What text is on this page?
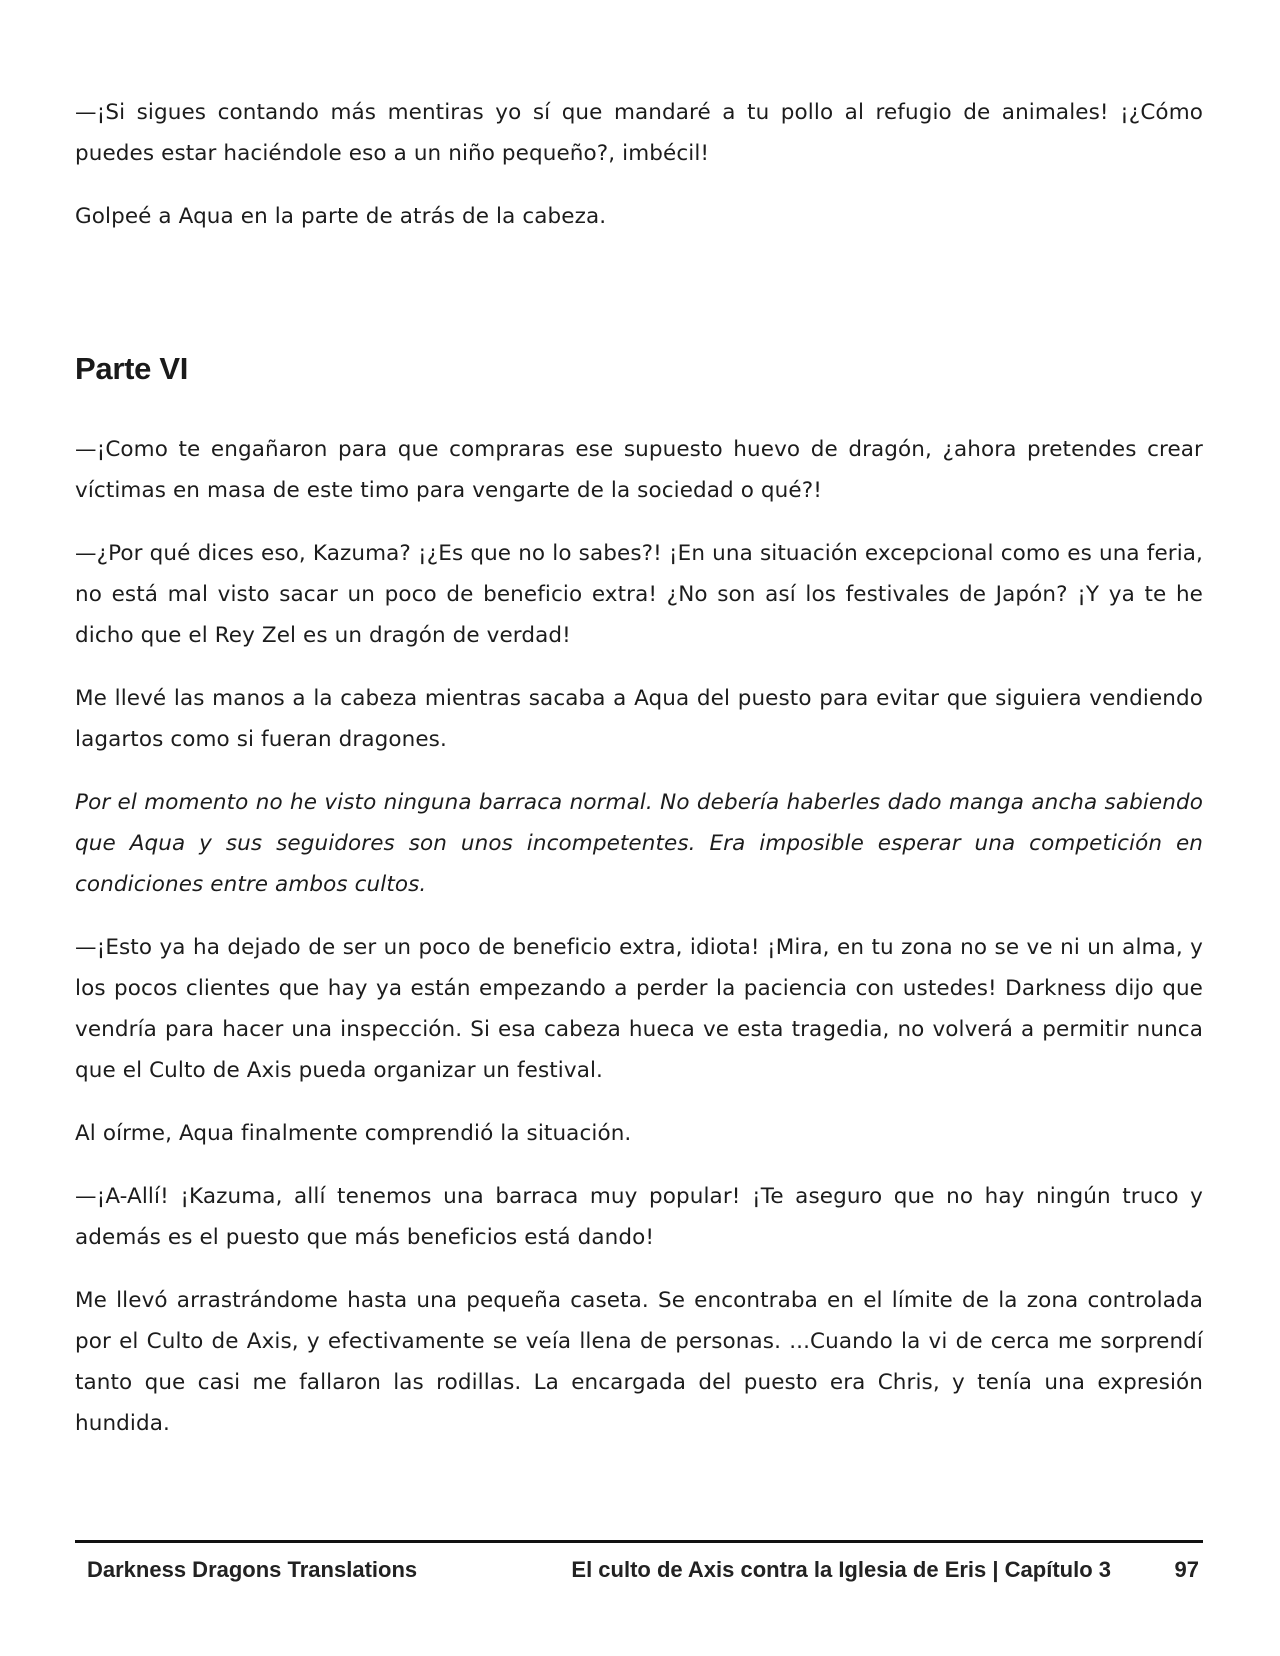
—¡Si sigues contando más mentiras yo sí que mandaré a tu pollo al refugio de animales! ¡¿Cómo puedes estar haciéndole eso a un niño pequeño?, imbécil!

Golpeé a Aqua en la parte de atrás de la cabeza.

Parte VI

—¡Como te engañaron para que compraras ese supuesto huevo de dragón, ¿ahora pretendes crear víctimas en masa de este timo para vengarte de la sociedad o qué?!

—¿Por qué dices eso, Kazuma? ¡¿Es que no lo sabes?! ¡En una situación excepcional como es una feria, no está mal visto sacar un poco de beneficio extra! ¿No son así los festivales de Japón? ¡Y ya te he dicho que el Rey Zel es un dragón de verdad!

Me llevé las manos a la cabeza mientras sacaba a Aqua del puesto para evitar que siguiera vendiendo lagartos como si fueran dragones.

Por el momento no he visto ninguna barraca normal. No debería haberles dado manga ancha sabiendo que Aqua y sus seguidores son unos incompetentes. Era imposible esperar una competición en condiciones entre ambos cultos.

—¡Esto ya ha dejado de ser un poco de beneficio extra, idiota! ¡Mira, en tu zona no se ve ni un alma, y los pocos clientes que hay ya están empezando a perder la paciencia con ustedes! Darkness dijo que vendría para hacer una inspección. Si esa cabeza hueca ve esta tragedia, no volverá a permitir nunca que el Culto de Axis pueda organizar un festival.

Al oírme, Aqua finalmente comprendió la situación.

—¡A-Allí! ¡Kazuma, allí tenemos una barraca muy popular! ¡Te aseguro que no hay ningún truco y además es el puesto que más beneficios está dando!

Me llevó arrastrándome hasta una pequeña caseta. Se encontraba en el límite de la zona controlada por el Culto de Axis, y efectivamente se veía llena de personas. ...Cuando la vi de cerca me sorprendí tanto que casi me fallaron las rodillas. La encargada del puesto era Chris, y tenía una expresión hundida.

Darkness Dragons Translations	El culto de Axis contra la Iglesia de Eris | Capítulo 3	97
